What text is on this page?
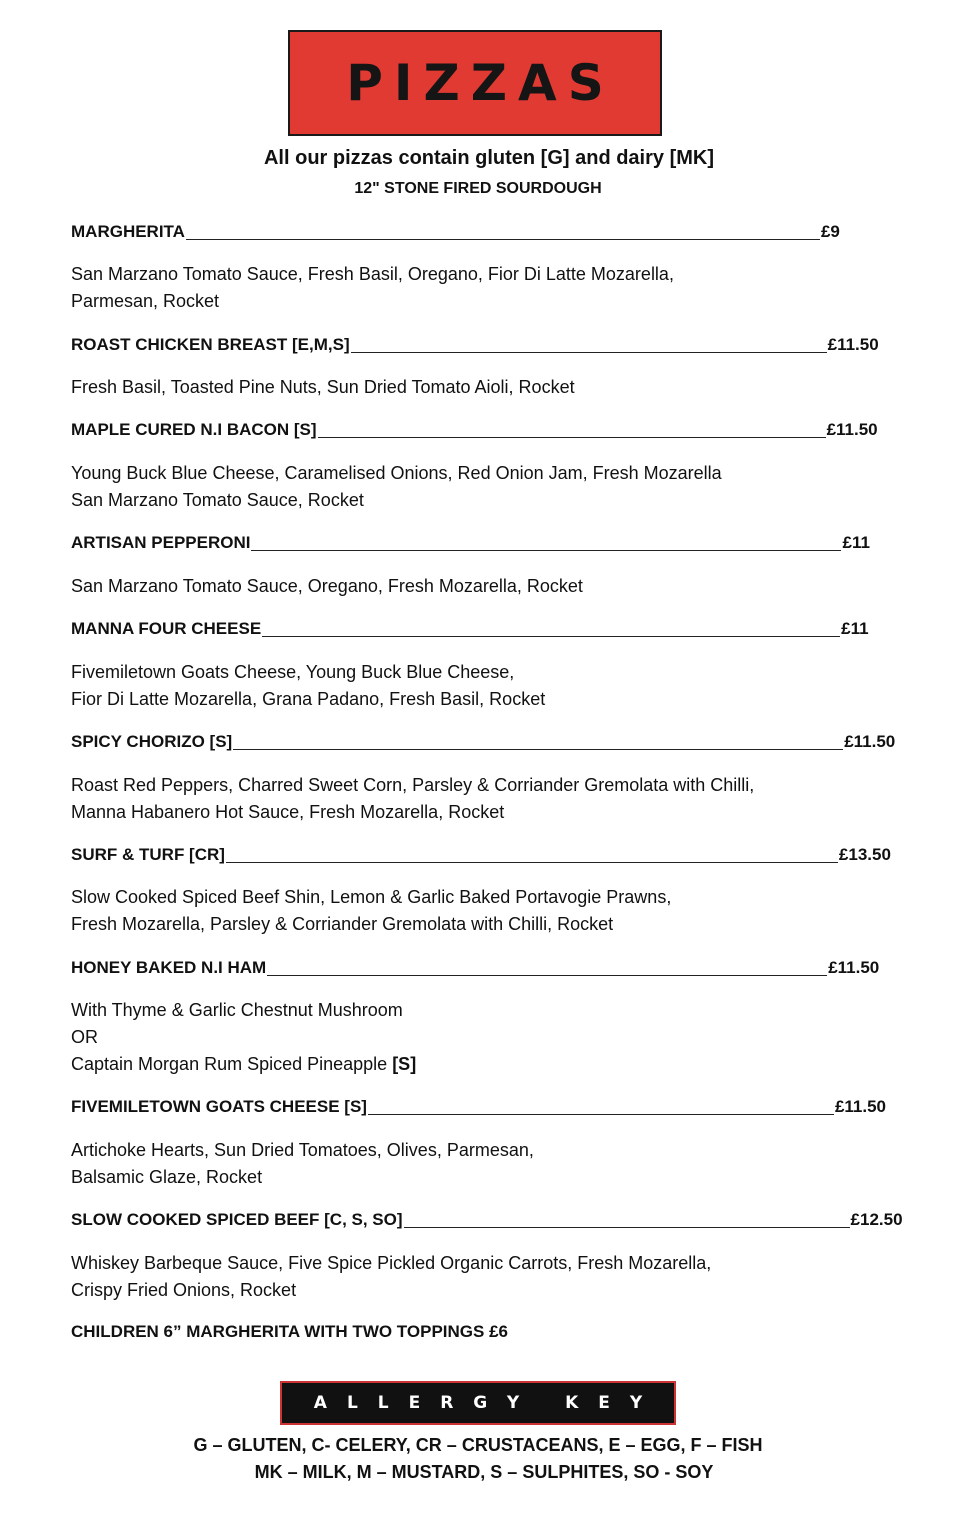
PIZZAS
All our pizzas contain gluten [G] and dairy [MK]
12" STONE FIRED SOURDOUGH
MARGHERITA	£9
San Marzano Tomato Sauce, Fresh Basil, Oregano, Fior Di Latte Mozarella,
Parmesan, Rocket
ROAST CHICKEN BREAST [E,M,S]	£11.50
Fresh Basil, Toasted Pine Nuts, Sun Dried Tomato Aioli, Rocket
MAPLE CURED N.I BACON [S]	£11.50
Young Buck Blue Cheese, Caramelised Onions, Red Onion Jam, Fresh Mozarella
San Marzano Tomato Sauce, Rocket
ARTISAN PEPPERONI	£11
San Marzano Tomato Sauce, Oregano, Fresh Mozarella, Rocket
MANNA FOUR CHEESE	£11
Fivemiletown Goats Cheese, Young Buck Blue Cheese,
Fior Di Latte Mozarella, Grana Padano, Fresh Basil, Rocket
SPICY CHORIZO [S]	£11.50
Roast Red Peppers, Charred Sweet Corn, Parsley & Corriander Gremolata with Chilli,
Manna Habanero Hot Sauce, Fresh Mozarella, Rocket
SURF & TURF [CR]	£13.50
Slow Cooked Spiced Beef Shin, Lemon & Garlic Baked Portavogie Prawns,
Fresh Mozarella, Parsley & Corriander Gremolata with Chilli, Rocket
HONEY BAKED N.I HAM	£11.50
With Thyme & Garlic Chestnut Mushroom
OR
Captain Morgan Rum Spiced Pineapple [S]
FIVEMILETOWN GOATS CHEESE [S]	£11.50
Artichoke Hearts, Sun Dried Tomatoes, Olives, Parmesan,
Balsamic Glaze, Rocket
SLOW COOKED SPICED BEEF [C, S, SO]	£12.50
Whiskey Barbeque Sauce, Five Spice Pickled Organic Carrots, Fresh Mozarella,
Crispy Fried Onions, Rocket
CHILDREN 6” MARGHERITA WITH TWO TOPPINGS £6
ALLERGY KEY
G – GLUTEN, C- CELERY, CR – CRUSTACEANS, E – EGG, F – FISH
MK – MILK, M – MUSTARD, S – SULPHITES, SO - SOY
